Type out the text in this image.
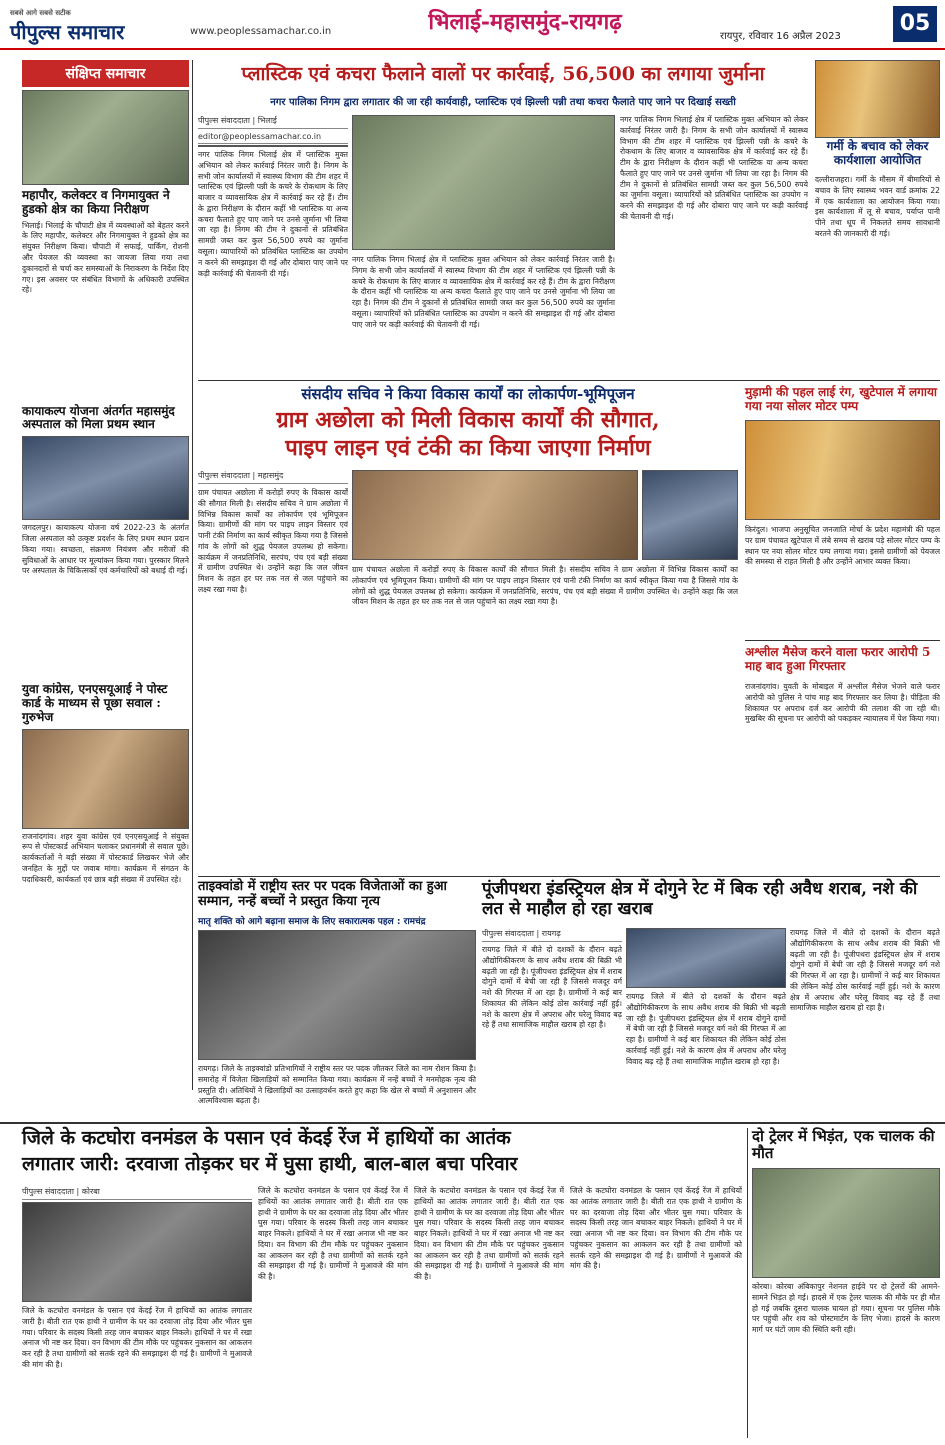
सबसे आगे सबसे सटीक
पीपुल्स समाचार	www.peoplessamachar.co.in	भिलाई-महासमुंद-रायगढ़
रायपुर, रविवार 16 अप्रैल 2023
05
संक्षिप्त समाचार
महापौर, कलेक्टर व निगमायुक्त ने हुडको क्षेत्र का किया निरीक्षण
भिलाई। भिलाई के चौपाटी क्षेत्र में व्यवस्थाओं को बेहतर करने के लिए महापौर, कलेक्टर और निगमायुक्त ने हुडको क्षेत्र का संयुक्त निरीक्षण किया। चौपाटी में सफाई, पार्किंग, रोशनी और पेयजल की व्यवस्था का जायजा लिया गया तथा दुकानदारों से चर्चा कर समस्याओं के निराकरण के निर्देश दिए गए। इस अवसर पर संबंधित विभागों के अधिकारी उपस्थित रहे।
कायाकल्प योजना अंतर्गत महासमुंद अस्पताल को मिला प्रथम स्थान
जगदलपुर। कायाकल्प योजना वर्ष 2022-23 के अंतर्गत जिला अस्पताल को उत्कृष्ट प्रदर्शन के लिए प्रथम स्थान प्रदान किया गया। स्वच्छता, संक्रमण नियंत्रण और मरीजों की सुविधाओं के आधार पर मूल्यांकन किया गया। पुरस्कार मिलने पर अस्पताल के चिकित्सकों एवं कर्मचारियों को बधाई दी गई।
युवा कांग्रेस, एनएसयूआई ने पोस्ट कार्ड के माध्यम से पूछा सवाल : गुरुभेज
राजनांदगांव। शहर युवा कांग्रेस एवं एनएसयूआई ने संयुक्त रूप से पोस्टकार्ड अभियान चलाकर प्रधानमंत्री से सवाल पूछे। कार्यकर्ताओं ने बड़ी संख्या में पोस्टकार्ड लिखकर भेजे और जनहित के मुद्दों पर जवाब मांगा। कार्यक्रम में संगठन के पदाधिकारी, कार्यकर्ता एवं छात्र बड़ी संख्या में उपस्थित रहे।
प्लास्टिक एवं कचरा फैलाने वालों पर कार्रवाई, 56,500 का लगाया जुर्माना
नगर पालिका निगम द्वारा लगातार की जा रही कार्यवाही, प्लास्टिक एवं झिल्ली पन्नी तथा कचरा फैलाते पाए जाने पर दिखाई सख्ती
पीपुल्स संवाददाता | भिलाई
editor@peoplessamachar.co.in
नगर पालिक निगम भिलाई क्षेत्र में प्लास्टिक मुक्त अभियान को लेकर कार्रवाई निरंतर जारी है। निगम के सभी जोन कार्यालयों में स्वास्थ्य विभाग की टीम शहर में प्लास्टिक एवं झिल्ली पन्नी के कचरे के रोकथाम के लिए बाजार व व्यावसायिक क्षेत्र में कार्रवाई कर रहे हैं। टीम के द्वारा निरीक्षण के दौरान कहीं भी प्लास्टिक या अन्य कचरा फैलाते हुए पाए जाने पर उनसे जुर्माना भी लिया जा रहा है। निगम की टीम ने दुकानों से प्रतिबंधित सामग्री जब्त कर कुल 56,500 रुपये का जुर्माना वसूला। व्यापारियों को प्रतिबंधित प्लास्टिक का उपयोग न करने की समझाइश दी गई और दोबारा पाए जाने पर कड़ी कार्रवाई की चेतावनी दी गई।
नगर पालिक निगम भिलाई क्षेत्र में प्लास्टिक मुक्त अभियान को लेकर कार्रवाई निरंतर जारी है। निगम के सभी जोन कार्यालयों में स्वास्थ्य विभाग की टीम शहर में प्लास्टिक एवं झिल्ली पन्नी के कचरे के रोकथाम के लिए बाजार व व्यावसायिक क्षेत्र में कार्रवाई कर रहे हैं। टीम के द्वारा निरीक्षण के दौरान कहीं भी प्लास्टिक या अन्य कचरा फैलाते हुए पाए जाने पर उनसे जुर्माना भी लिया जा रहा है। निगम की टीम ने दुकानों से प्रतिबंधित सामग्री जब्त कर कुल 56,500 रुपये का जुर्माना वसूला। व्यापारियों को प्रतिबंधित प्लास्टिक का उपयोग न करने की समझाइश दी गई और दोबारा पाए जाने पर कड़ी कार्रवाई की चेतावनी दी गई।
नगर पालिक निगम भिलाई क्षेत्र में प्लास्टिक मुक्त अभियान को लेकर कार्रवाई निरंतर जारी है। निगम के सभी जोन कार्यालयों में स्वास्थ्य विभाग की टीम शहर में प्लास्टिक एवं झिल्ली पन्नी के कचरे के रोकथाम के लिए बाजार व व्यावसायिक क्षेत्र में कार्रवाई कर रहे हैं। टीम के द्वारा निरीक्षण के दौरान कहीं भी प्लास्टिक या अन्य कचरा फैलाते हुए पाए जाने पर उनसे जुर्माना भी लिया जा रहा है। निगम की टीम ने दुकानों से प्रतिबंधित सामग्री जब्त कर कुल 56,500 रुपये का जुर्माना वसूला। व्यापारियों को प्रतिबंधित प्लास्टिक का उपयोग न करने की समझाइश दी गई और दोबारा पाए जाने पर कड़ी कार्रवाई की चेतावनी दी गई।
गर्मी के बचाव को लेकर कार्यशाला आयोजित
दल्लीराजहरा। गर्मी के मौसम में बीमारियों से बचाव के लिए स्वास्थ्य भवन वार्ड क्रमांक 22 में एक कार्यशाला का आयोजन किया गया। इस कार्यशाला में लू से बचाव, पर्याप्त पानी पीने तथा धूप में निकलते समय सावधानी बरतने की जानकारी दी गई।
संसदीय सचिव ने किया विकास कार्यों का लोकार्पण-भूमिपूजन
ग्राम अछोला को मिली विकास कार्यों की सौगात,
पाइप लाइन एवं टंकी का किया जाएगा निर्माण
पीपुल्स संवाददाता | महासमुंद
ग्राम पंचायत अछोला में करोड़ों रुपए के विकास कार्यों की सौगात मिली है। संसदीय सचिव ने ग्राम अछोला में विभिन्न विकास कार्यों का लोकार्पण एवं भूमिपूजन किया। ग्रामीणों की मांग पर पाइप लाइन विस्तार एवं पानी टंकी निर्माण का कार्य स्वीकृत किया गया है जिससे गांव के लोगों को शुद्ध पेयजल उपलब्ध हो सकेगा। कार्यक्रम में जनप्रतिनिधि, सरपंच, पंच एवं बड़ी संख्या में ग्रामीण उपस्थित थे। उन्होंने कहा कि जल जीवन मिशन के तहत हर घर तक नल से जल पहुंचाने का लक्ष्य रखा गया है।
ग्राम पंचायत अछोला में करोड़ों रुपए के विकास कार्यों की सौगात मिली है। संसदीय सचिव ने ग्राम अछोला में विभिन्न विकास कार्यों का लोकार्पण एवं भूमिपूजन किया। ग्रामीणों की मांग पर पाइप लाइन विस्तार एवं पानी टंकी निर्माण का कार्य स्वीकृत किया गया है जिससे गांव के लोगों को शुद्ध पेयजल उपलब्ध हो सकेगा। कार्यक्रम में जनप्रतिनिधि, सरपंच, पंच एवं बड़ी संख्या में ग्रामीण उपस्थित थे। उन्होंने कहा कि जल जीवन मिशन के तहत हर घर तक नल से जल पहुंचाने का लक्ष्य रखा गया है।
मुड़ामी की पहल लाई रंग, खुटेपाल में लगाया गया नया सोलर मोटर पम्प
किरंदुल। भाजपा अनुसूचित जनजाति मोर्चा के प्रदेश महामंत्री की पहल पर ग्राम पंचायत खुटेपाल में लंबे समय से खराब पड़े सोलर मोटर पम्प के स्थान पर नया सोलर मोटर पम्प लगाया गया। इससे ग्रामीणों को पेयजल की समस्या से राहत मिली है और उन्होंने आभार व्यक्त किया।
अश्लील मैसेज करने वाला फरार आरोपी 5 माह बाद हुआ गिरफ्तार
राजनांदगांव। युवती के मोबाइल में अश्लील मैसेज भेजने वाले फरार आरोपी को पुलिस ने पांच माह बाद गिरफ्तार कर लिया है। पीड़िता की शिकायत पर अपराध दर्ज कर आरोपी की तलाश की जा रही थी। मुखबिर की सूचना पर आरोपी को पकड़कर न्यायालय में पेश किया गया।
ताइक्वांडो में राष्ट्रीय स्तर पर पदक विजेताओं का हुआ सम्मान, नन्हें बच्चों ने प्रस्तुत किया नृत्य
मातृ शक्ति को आगे बढ़ाना समाज के लिए सकारात्मक पहल : रामचंद्र
रायगढ़। जिले के ताइक्वांडो प्रतिभागियों ने राष्ट्रीय स्तर पर पदक जीतकर जिले का नाम रोशन किया है। समारोह में विजेता खिलाड़ियों को सम्मानित किया गया। कार्यक्रम में नन्हें बच्चों ने मनमोहक नृत्य की प्रस्तुति दी। अतिथियों ने खिलाड़ियों का उत्साहवर्धन करते हुए कहा कि खेल से बच्चों में अनुशासन और आत्मविश्वास बढ़ता है।
पूंजीपथरा इंडस्ट्रियल क्षेत्र में दोगुने रेट में बिक रही अवैध शराब, नशे की लत से माहौल हो रहा खराब
पीपुल्स संवाददाता | रायगढ़
रायगढ़ जिले में बीते दो दशकों के दौरान बढ़ते औद्योगिकीकरण के साथ अवैध शराब की बिक्री भी बढ़ती जा रही है। पूंजीपथरा इंडस्ट्रियल क्षेत्र में शराब दोगुने दामों में बेची जा रही है जिससे मजदूर वर्ग नशे की गिरफ्त में आ रहा है। ग्रामीणों ने कई बार शिकायत की लेकिन कोई ठोस कार्रवाई नहीं हुई। नशे के कारण क्षेत्र में अपराध और घरेलू विवाद बढ़ रहे हैं तथा सामाजिक माहौल खराब हो रहा है।
रायगढ़ जिले में बीते दो दशकों के दौरान बढ़ते औद्योगिकीकरण के साथ अवैध शराब की बिक्री भी बढ़ती जा रही है। पूंजीपथरा इंडस्ट्रियल क्षेत्र में शराब दोगुने दामों में बेची जा रही है जिससे मजदूर वर्ग नशे की गिरफ्त में आ रहा है। ग्रामीणों ने कई बार शिकायत की लेकिन कोई ठोस कार्रवाई नहीं हुई। नशे के कारण क्षेत्र में अपराध और घरेलू विवाद बढ़ रहे हैं तथा सामाजिक माहौल खराब हो रहा है।
रायगढ़ जिले में बीते दो दशकों के दौरान बढ़ते औद्योगिकीकरण के साथ अवैध शराब की बिक्री भी बढ़ती जा रही है। पूंजीपथरा इंडस्ट्रियल क्षेत्र में शराब दोगुने दामों में बेची जा रही है जिससे मजदूर वर्ग नशे की गिरफ्त में आ रहा है। ग्रामीणों ने कई बार शिकायत की लेकिन कोई ठोस कार्रवाई नहीं हुई। नशे के कारण क्षेत्र में अपराध और घरेलू विवाद बढ़ रहे हैं तथा सामाजिक माहौल खराब हो रहा है।
जिले के कटघोरा वनमंडल के पसान एवं केंदई रेंज में हाथियों का आतंक
लगातार जारी: दरवाजा तोड़कर घर में घुसा हाथी, बाल-बाल बचा परिवार
पीपुल्स संवाददाता | कोरबा
जिले के कटघोरा वनमंडल के पसान एवं केंदई रेंज में हाथियों का आतंक लगातार जारी है। बीती रात एक हाथी ने ग्रामीण के घर का दरवाजा तोड़ दिया और भीतर घुस गया। परिवार के सदस्य किसी तरह जान बचाकर बाहर निकले। हाथियों ने घर में रखा अनाज भी नष्ट कर दिया। वन विभाग की टीम मौके पर पहुंचकर नुकसान का आकलन कर रही है तथा ग्रामीणों को सतर्क रहने की समझाइश दी गई है। ग्रामीणों ने मुआवजे की मांग की है।
जिले के कटघोरा वनमंडल के पसान एवं केंदई रेंज में हाथियों का आतंक लगातार जारी है। बीती रात एक हाथी ने ग्रामीण के घर का दरवाजा तोड़ दिया और भीतर घुस गया। परिवार के सदस्य किसी तरह जान बचाकर बाहर निकले। हाथियों ने घर में रखा अनाज भी नष्ट कर दिया। वन विभाग की टीम मौके पर पहुंचकर नुकसान का आकलन कर रही है तथा ग्रामीणों को सतर्क रहने की समझाइश दी गई है। ग्रामीणों ने मुआवजे की मांग की है।
जिले के कटघोरा वनमंडल के पसान एवं केंदई रेंज में हाथियों का आतंक लगातार जारी है। बीती रात एक हाथी ने ग्रामीण के घर का दरवाजा तोड़ दिया और भीतर घुस गया। परिवार के सदस्य किसी तरह जान बचाकर बाहर निकले। हाथियों ने घर में रखा अनाज भी नष्ट कर दिया। वन विभाग की टीम मौके पर पहुंचकर नुकसान का आकलन कर रही है तथा ग्रामीणों को सतर्क रहने की समझाइश दी गई है। ग्रामीणों ने मुआवजे की मांग की है।
जिले के कटघोरा वनमंडल के पसान एवं केंदई रेंज में हाथियों का आतंक लगातार जारी है। बीती रात एक हाथी ने ग्रामीण के घर का दरवाजा तोड़ दिया और भीतर घुस गया। परिवार के सदस्य किसी तरह जान बचाकर बाहर निकले। हाथियों ने घर में रखा अनाज भी नष्ट कर दिया। वन विभाग की टीम मौके पर पहुंचकर नुकसान का आकलन कर रही है तथा ग्रामीणों को सतर्क रहने की समझाइश दी गई है। ग्रामीणों ने मुआवजे की मांग की है।
दो ट्रेलर में भिड़ंत, एक चालक की मौत
कोरबा। कोरबा अंबिकापुर नेशनल हाईवे पर दो ट्रेलरों की आमने-सामने भिड़ंत हो गई। हादसे में एक ट्रेलर चालक की मौके पर ही मौत हो गई जबकि दूसरा चालक घायल हो गया। सूचना पर पुलिस मौके पर पहुंची और शव को पोस्टमार्टम के लिए भेजा। हादसे के कारण मार्ग पर घंटों जाम की स्थिति बनी रही।
